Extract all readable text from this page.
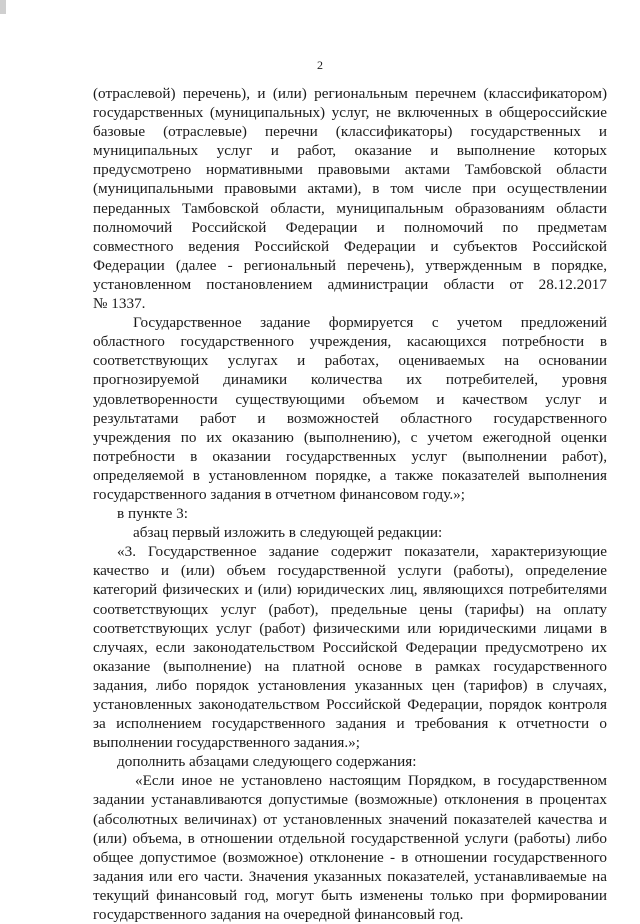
2
(отраслевой) перечень), и (или) региональным перечнем (классификатором)
государственных (муниципальных) услуг, не включенных в общероссийские
базовые (отраслевые) перечни (классификаторы) государственных и
муниципальных услуг и работ, оказание и выполнение которых
предусмотрено нормативными правовыми актами Тамбовской области
(муниципальными правовыми актами), в том числе при осуществлении
переданных Тамбовской области, муниципальным образованиям области
полномочий Российской Федерации и полномочий по предметам
совместного ведения Российской Федерации и субъектов Российской
Федерации (далее - региональный перечень), утвержденным в порядке,
установленном постановлением администрации области от 28.12.2017
№ 1337.
Государственное задание формируется с учетом предложений
областного государственного учреждения, касающихся потребности в
соответствующих услугах и работах, оцениваемых на основании
прогнозируемой динамики количества их потребителей, уровня
удовлетворенности существующими объемом и качеством услуг и
результатами работ и возможностей областного государственного
учреждения по их оказанию (выполнению), с учетом ежегодной оценки
потребности в оказании государственных услуг (выполнении работ),
определяемой в установленном порядке, а также показателей выполнения
государственного задания в отчетном финансовом году.»;
в пункте 3:
абзац первый изложить в следующей редакции:
«3. Государственное задание содержит показатели, характеризующие
качество и (или) объем государственной услуги (работы), определение
категорий физических и (или) юридических лиц, являющихся потребителями
соответствующих услуг (работ), предельные цены (тарифы) на оплату
соответствующих услуг (работ) физическими или юридическими лицами в
случаях, если законодательством Российской Федерации предусмотрено их
оказание (выполнение) на платной основе в рамках государственного
задания, либо порядок установления указанных цен (тарифов) в случаях,
установленных законодательством Российской Федерации, порядок контроля
за исполнением государственного задания и требования к отчетности о
выполнении государственного задания.»;
дополнить абзацами следующего содержания:
«Если иное не установлено настоящим Порядком, в государственном
задании устанавливаются допустимые (возможные) отклонения в процентах
(абсолютных величинах) от установленных значений показателей качества и
(или) объема, в отношении отдельной государственной услуги (работы) либо
общее допустимое (возможное) отклонение - в отношении государственного
задания или его части. Значения указанных показателей, устанавливаемые на
текущий финансовый год, могут быть изменены только при формировании
государственного задания на очередной финансовый год.
